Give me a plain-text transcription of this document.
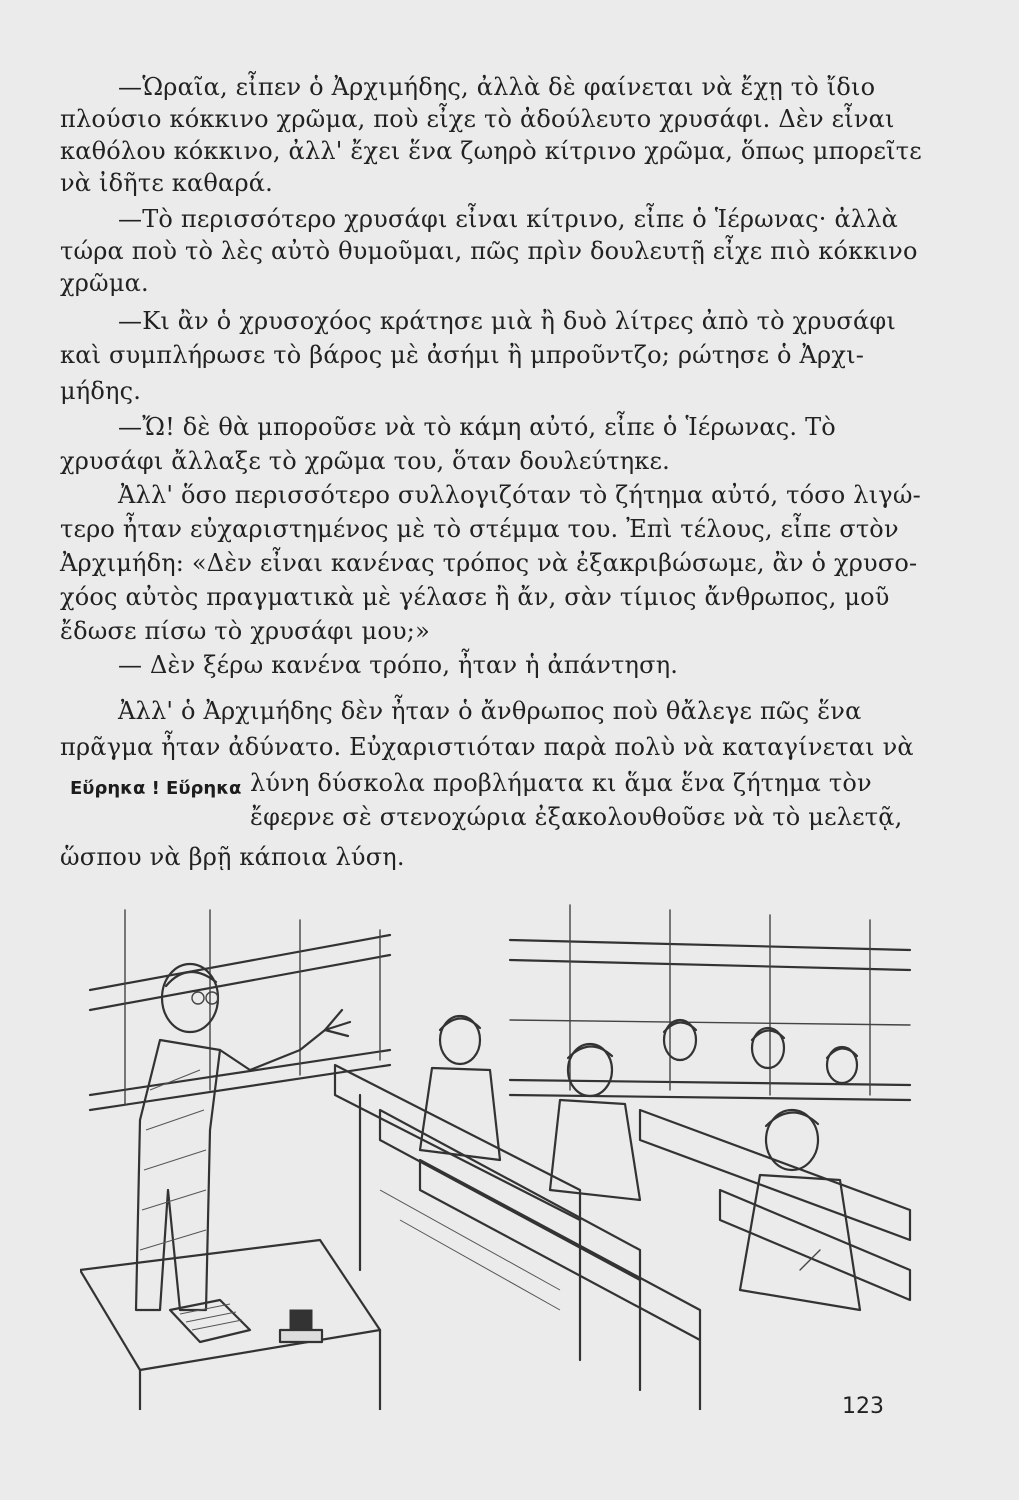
—Ὡραῖα, εἶπεν ὁ Ἀρχιμήδης, ἀλλὰ δὲ φαίνεται νὰ ἔχῃ τὸ ἴδιο
πλούσιο κόκκινο χρῶμα, ποὺ εἶχε τὸ ἀδούλευτο χρυσάφι. Δὲν εἶναι
καθόλου κόκκινο, ἀλλ' ἔχει ἕνα ζωηρὸ κίτρινο χρῶμα, ὅπως μπορεῖτε
νὰ ἰδῆτε καθαρά.
—Τὸ περισσότερο χρυσάφι εἶναι κίτρινο, εἶπε ὁ Ἱέρωνας· ἀλλὰ
τώρα ποὺ τὸ λὲς αὐτὸ θυμοῦμαι, πῶς πρὶν δουλευτῇ εἶχε πιὸ κόκκινο
χρῶμα.
—Κι ἂν ὁ χρυσοχόος κράτησε μιὰ ἢ δυὸ λίτρες ἀπὸ τὸ χρυσάφι
καὶ συμπλήρωσε τὸ βάρος μὲ ἀσήμι ἢ μπροῦντζο; ρώτησε ὁ Ἀρχι-
μήδης.
—Ὤ! δὲ θὰ μποροῦσε νὰ τὸ κάμη αὐτό, εἶπε ὁ Ἱέρωνας. Τὸ
χρυσάφι ἄλλαξε τὸ χρῶμα του, ὅταν δουλεύτηκε.
Ἀλλ' ὅσο περισσότερο συλλογιζόταν τὸ ζήτημα αὐτό, τόσο λιγώ-
τερο ἦταν εὐχαριστημένος μὲ τὸ στέμμα του. Ἐπὶ τέλους, εἶπε στὸν
Ἀρχιμήδη: «Δὲν εἶναι κανένας τρόπος νὰ ἐξακριβώσωμε, ἂν ὁ χρυσο-
χόος αὐτὸς πραγματικὰ μὲ γέλασε ἢ ἄν, σὰν τίμιος ἄνθρωπος, μοῦ
ἔδωσε πίσω τὸ χρυσάφι μου;»
— Δὲν ξέρω κανένα τρόπο, ἦταν ἡ ἀπάντηση.
Ἀλλ' ὁ Ἀρχιμήδης δὲν ἦταν ὁ ἄνθρωπος ποὺ θἄλεγε πῶς ἕνα
πρᾶγμα ἦταν ἀδύνατο. Εὐχαριστιόταν παρὰ πολὺ νὰ καταγίνεται νὰ
λύνη δύσκολα προβλήματα κι ἅμα ἕνα ζήτημα τὸν
ἔφερνε σὲ στενοχώρια ἐξακολουθοῦσε νὰ τὸ μελετᾷ,
ὥσπου νὰ βρῇ κάποια λύση.
Εὕρηκα ! Εὕρηκα
123
